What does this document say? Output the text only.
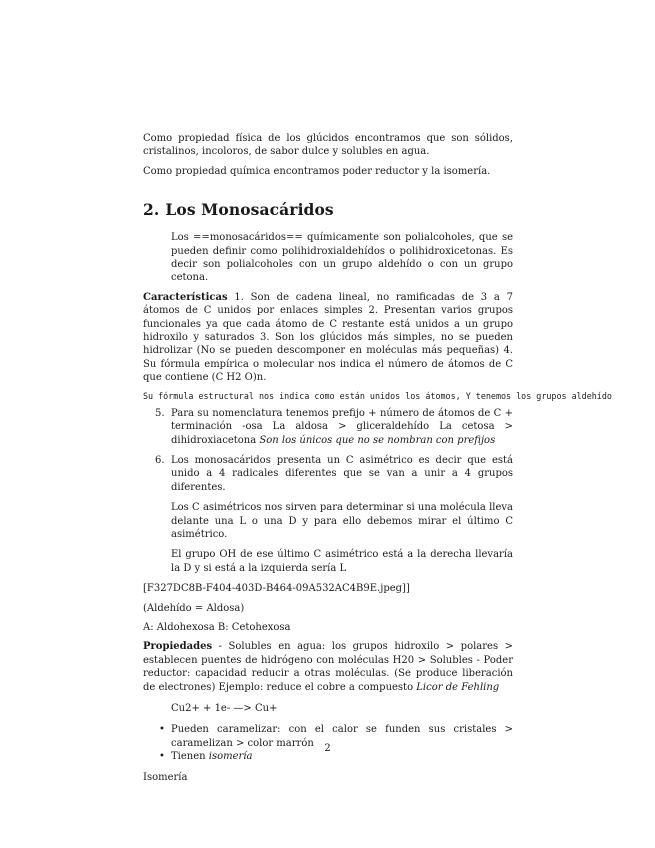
Como propiedad física de los glúcidos encontramos que son sólidos, cristalinos, incoloros, de sabor dulce y solubles en agua.

Como propiedad química encontramos poder reductor y la isomería.

2. Los Monosacáridos

Los ==monosacáridos== químicamente son polialcoholes, que se pueden definir como polihidroxialdehídos o polihidroxicetonas. Es decir son polialcoholes con un grupo aldehído o con un grupo cetona.

Características 1. Son de cadena lineal, no ramificadas de 3 a 7 átomos de C unidos por enlaces simples 2. Presentan varios grupos funcionales ya que cada átomo de C restante está unidos a un grupo hidroxilo y saturados 3. Son los glúcidos más simples, no se pueden hidrolizar (No se pueden descomponer en moléculas más pequeñas) 4. Su fórmula empírica o molecular nos indica el número de átomos de C que contiene (C H2 O)n.

Su fórmula estructural nos indica como están unidos los átomos, Y tenemos los grupos aldehído
5. Para su nomenclatura tenemos prefijo + número de átomos de C + terminación -osa La aldosa > gliceraldehído La cetosa > dihidroxiacetona Son los únicos que no se nombran con prefijos

6. Los monosacáridos presenta un C asimétrico es decir que está unido a 4 radicales diferentes que se van a unir a 4 grupos diferentes.

Los C asimétricos nos sirven para determinar si una molécula lleva delante una L o una D y para ello debemos mirar el último C asimétrico.

El grupo OH de ese último C asimétrico está a la derecha llevaría la D y si está a la izquierda sería L

[F327DC8B-F404-403D-B464-09A532AC4B9E.jpeg]]

(Aldehído = Aldosa)

A: Aldohexosa B: Cetohexosa

Propiedades - Solubles en agua: los grupos hidroxilo > polares > establecen puentes de hidrógeno con moléculas H20 > Solubles - Poder reductor: capacidad reducir a otras moléculas. (Se produce liberación de electrones) Ejemplo: reduce el cobre a compuesto Licor de Fehling

Cu2+ + 1e- —> Cu+

• Pueden caramelizar: con el calor se funden sus cristales > caramelizan > color marrón

• Tienen isomería

Isomería

2
